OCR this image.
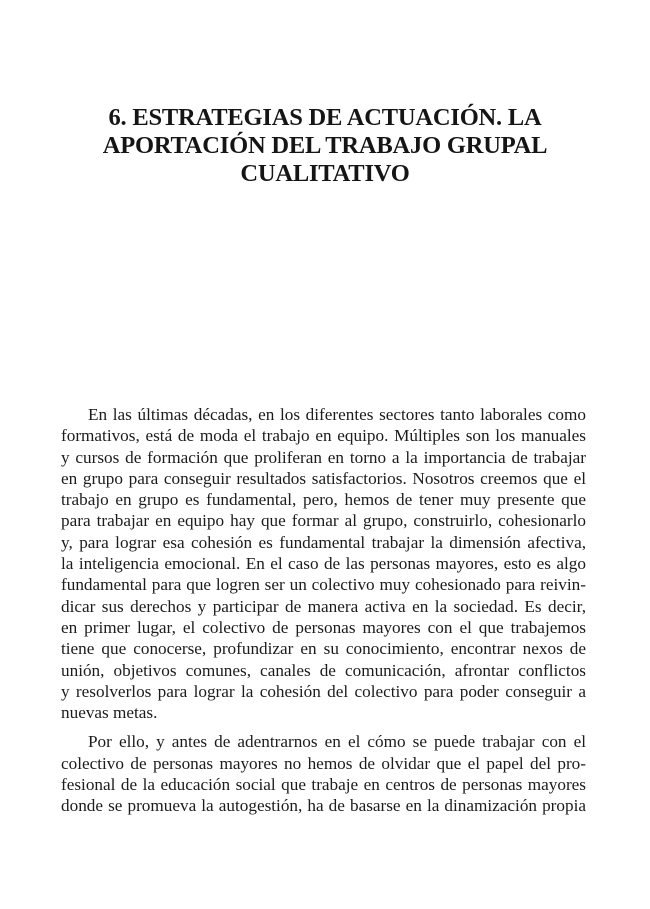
6. ESTRATEGIAS DE ACTUACIÓN. LA
APORTACIÓN DEL TRABAJO GRUPAL
CUALITATIVO

En las últimas décadas, en los diferentes sectores tanto laborales como
formativos, está de moda el trabajo en equipo. Múltiples son los manuales
y cursos de formación que proliferan en torno a la importancia de trabajar
en grupo para conseguir resultados satisfactorios. Nosotros creemos que el
trabajo en grupo es fundamental, pero, hemos de tener muy presente que
para trabajar en equipo hay que formar al grupo, construirlo, cohesionarlo
y, para lograr esa cohesión es fundamental trabajar la dimensión afectiva,
la inteligencia emocional. En el caso de las personas mayores, esto es algo
fundamental para que logren ser un colectivo muy cohesionado para reivin-
dicar sus derechos y participar de manera activa en la sociedad. Es decir,
en primer lugar, el colectivo de personas mayores con el que trabajemos
tiene que conocerse, profundizar en su conocimiento, encontrar nexos de
unión, objetivos comunes, canales de comunicación, afrontar conflictos
y resolverlos para lograr la cohesión del colectivo para poder conseguir a
nuevas metas.

Por ello, y antes de adentrarnos en el cómo se puede trabajar con el
colectivo de personas mayores no hemos de olvidar que el papel del pro-
fesional de la educación social que trabaje en centros de personas mayores
donde se promueva la autogestión, ha de basarse en la dinamización propia
